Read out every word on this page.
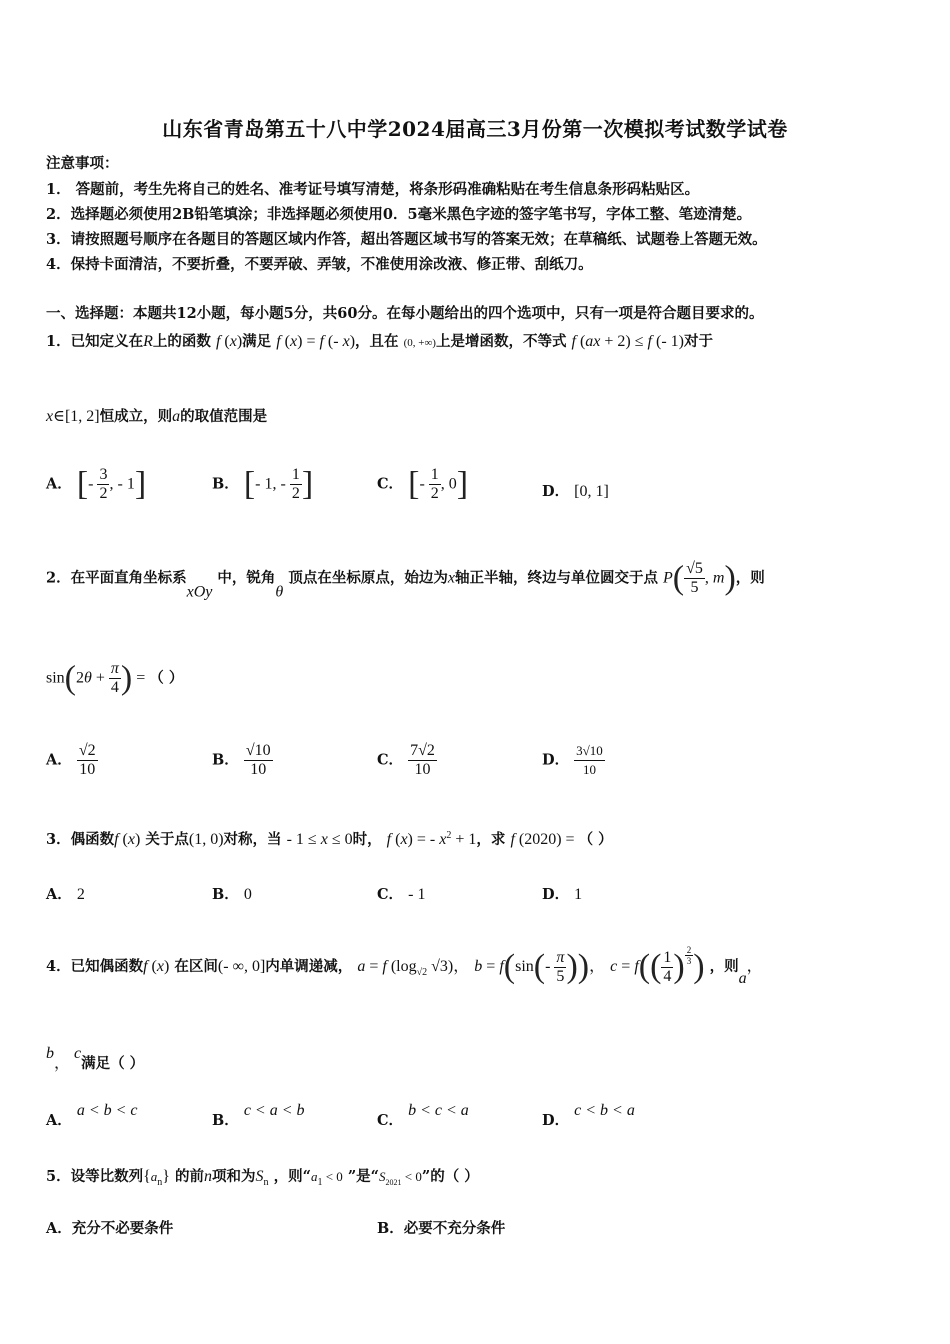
山东省青岛第五十八中学2024届高三3月份第一次模拟考试数学试卷
注意事项：
1． 答题前，考生先将自己的姓名、准考证号填写清楚，将条形码准确粘贴在考生信息条形码粘贴区。
2．选择题必须使用2B铅笔填涂；非选择题必须使用0．5毫米黑色字迹的签字笔书写，字体工整、笔迹清楚。
3．请按照题号顺序在各题目的答题区域内作答，超出答题区域书写的答案无效；在草稿纸、试题卷上答题无效。
4．保持卡面清洁，不要折叠，不要弄破、弄皱，不准使用涂改液、修正带、刮纸刀。
一、选择题：本题共12小题，每小题5分，共60分。在每小题给出的四个选项中，只有一项是符合题目要求的。
1．已知定义在R上的函数 f (x)满足 f (x) = f (- x)，且在 (0, +∞)上是增函数，不等式 f (ax + 2) ≤ f (- 1)对于
x∈[1, 2]恒成立，则a的取值范围是
A． [- $\frac{3}{2}$ , - 1]	B． [- 1, - $\frac{1}{2}$ ]	C． [- $\frac{1}{2}$ , 0]	D． [0, 1]
2．在平面直角坐标系xOy 中，锐角θ 顶点在坐标原点，始边为x轴正半轴，终边与单位圆交于点 $P( \frac{√5}{5}$ , m)，则
$\sin(2\theta + \frac{\pi}{4}$ ) = （ ）
A． $\frac{√2}{10}$	B． $\frac{√10}{10}$	C． $\frac{7√2}{10}$	D． $\frac{3√10}{10}$
3．偶函数f (x) 关于点(1, 0)对称，当 - 1 ≤ x ≤ 0时， f (x) = - $x^2 + 1$，求 f (2020) = （ ）
A． 2	B． 0	C． - 1	D． 1
4．已知偶函数f (x) 在区间(- ∞, 0]内单调递减， a = f ($\log_{√2}$ √3)， $b = f(\sin(- \frac{\pi}{5}$ ))， $c = f(( \frac{1}{4}$ ) $\frac{2}{3}$ ) ，则a，
b， c满足（ ）
A． a < b < c
B． c < a < b
C． b < c < a
D． c < b < a
5．设等比数列$\{a_n\}$ 的前n项和为$S_n$ ，则“$a_1 < 0$ ”是“$S_{2021} < 0$”的（ ）
A．充分不必要条件	B．必要不充分条件
